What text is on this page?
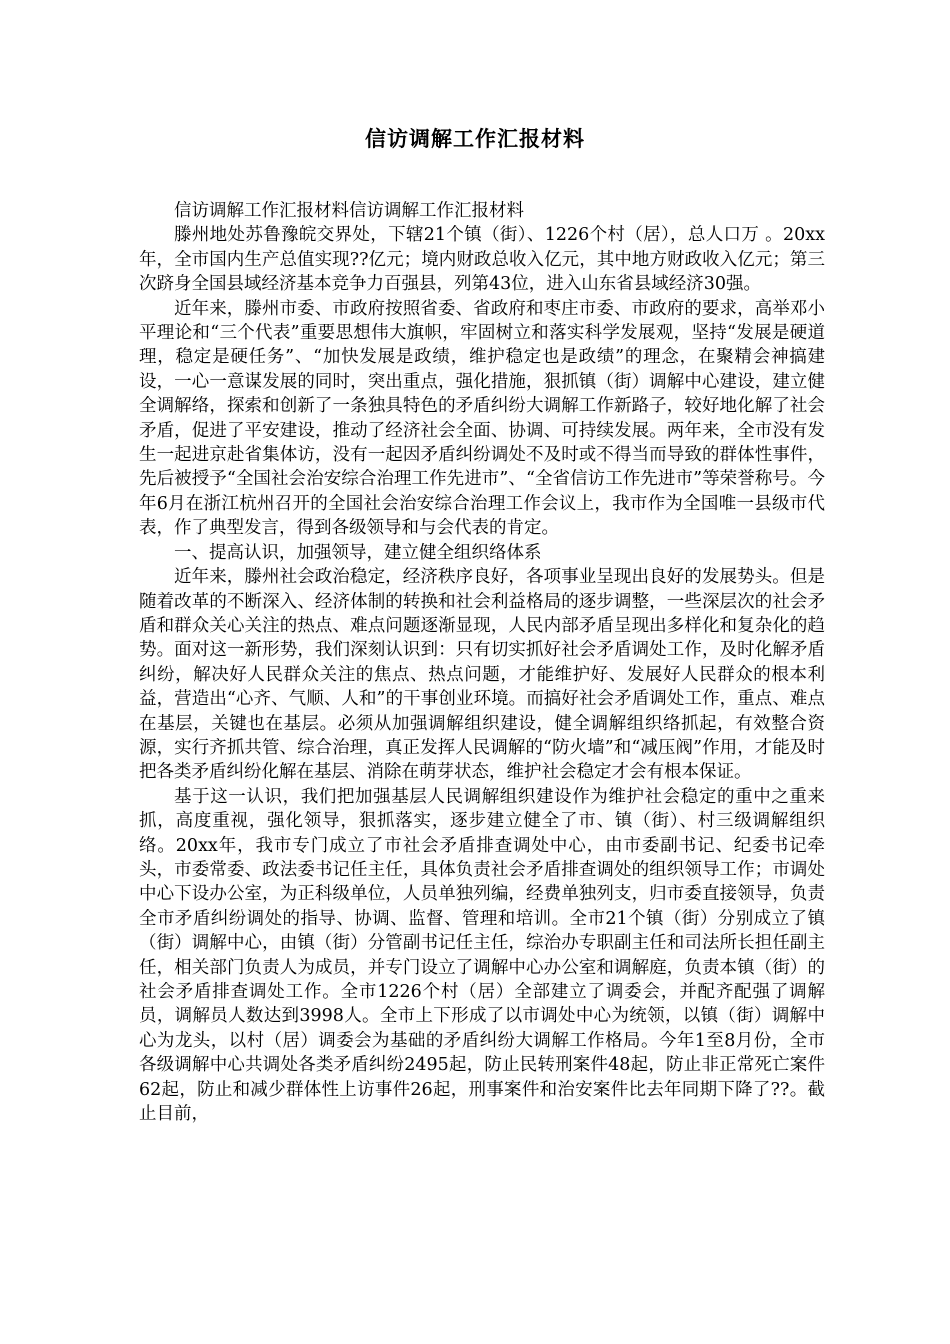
信访调解工作汇报材料

信访调解工作汇报材料信访调解工作汇报材料

滕州地处苏鲁豫皖交界处，下辖21个镇（街）、1226个村（居），总人口万 。20xx年，全市国内生产总值实现??亿元；境内财政总收入亿元，其中地方财政收入亿元；第三次跻身全国县域经济基本竞争力百强县，列第43位，进入山东省县域经济30强。

近年来，滕州市委、市政府按照省委、省政府和枣庄市委、市政府的要求，高举邓小平理论和“三个代表”重要思想伟大旗帜，牢固树立和落实科学发展观，坚持“发展是硬道理，稳定是硬任务”、“加快发展是政绩，维护稳定也是政绩”的理念，在聚精会神搞建设，一心一意谋发展的同时，突出重点，强化措施，狠抓镇（街）调解中心建设，建立健全调解络，探索和创新了一条独具特色的矛盾纠纷大调解工作新路子，较好地化解了社会矛盾，促进了平安建设，推动了经济社会全面、协调、可持续发展。两年来，全市没有发生一起进京赴省集体访，没有一起因矛盾纠纷调处不及时或不得当而导致的群体性事件，先后被授予“全国社会治安综合治理工作先进市”、“全省信访工作先进市”等荣誉称号。今年6月在浙江杭州召开的全国社会治安综合治理工作会议上，我市作为全国唯一县级市代表，作了典型发言，得到各级领导和与会代表的肯定。

一、提高认识，加强领导，建立健全组织络体系

近年来，滕州社会政治稳定，经济秩序良好，各项事业呈现出良好的发展势头。但是随着改革的不断深入、经济体制的转换和社会利益格局的逐步调整，一些深层次的社会矛盾和群众关心关注的热点、难点问题逐渐显现，人民内部矛盾呈现出多样化和复杂化的趋势。面对这一新形势，我们深刻认识到：只有切实抓好社会矛盾调处工作，及时化解矛盾纠纷，解决好人民群众关注的焦点、热点问题，才能维护好、发展好人民群众的根本利益，营造出“心齐、气顺、人和”的干事创业环境。而搞好社会矛盾调处工作，重点、难点在基层，关键也在基层。必须从加强调解组织建设，健全调解组织络抓起，有效整合资源，实行齐抓共管、综合治理，真正发挥人民调解的“防火墙”和“减压阀”作用，才能及时把各类矛盾纠纷化解在基层、消除在萌芽状态，维护社会稳定才会有根本保证。

基于这一认识，我们把加强基层人民调解组织建设作为维护社会稳定的重中之重来抓，高度重视，强化领导，狠抓落实，逐步建立健全了市、镇（街）、村三级调解组织络。20xx年，我市专门成立了市社会矛盾排查调处中心，由市委副书记、纪委书记牵头，市委常委、政法委书记任主任，具体负责社会矛盾排查调处的组织领导工作；市调处中心下设办公室，为正科级单位，人员单独列编，经费单独列支，归市委直接领导，负责全市矛盾纠纷调处的指导、协调、监督、管理和培训。全市21个镇（街）分别成立了镇（街）调解中心，由镇（街）分管副书记任主任，综治办专职副主任和司法所长担任副主任，相关部门负责人为成员，并专门设立了调解中心办公室和调解庭，负责本镇（街）的社会矛盾排查调处工作。全市1226个村（居）全部建立了调委会，并配齐配强了调解员，调解员人数达到3998人。全市上下形成了以市调处中心为统领，以镇（街）调解中心为龙头，以村（居）调委会为基础的矛盾纠纷大调解工作格局。今年1至8月份，全市各级调解中心共调处各类矛盾纠纷2495起，防止民转刑案件48起，防止非正常死亡案件62起，防止和减少群体性上访事件26起，刑事案件和治安案件比去年同期下降了??。截止目前，
